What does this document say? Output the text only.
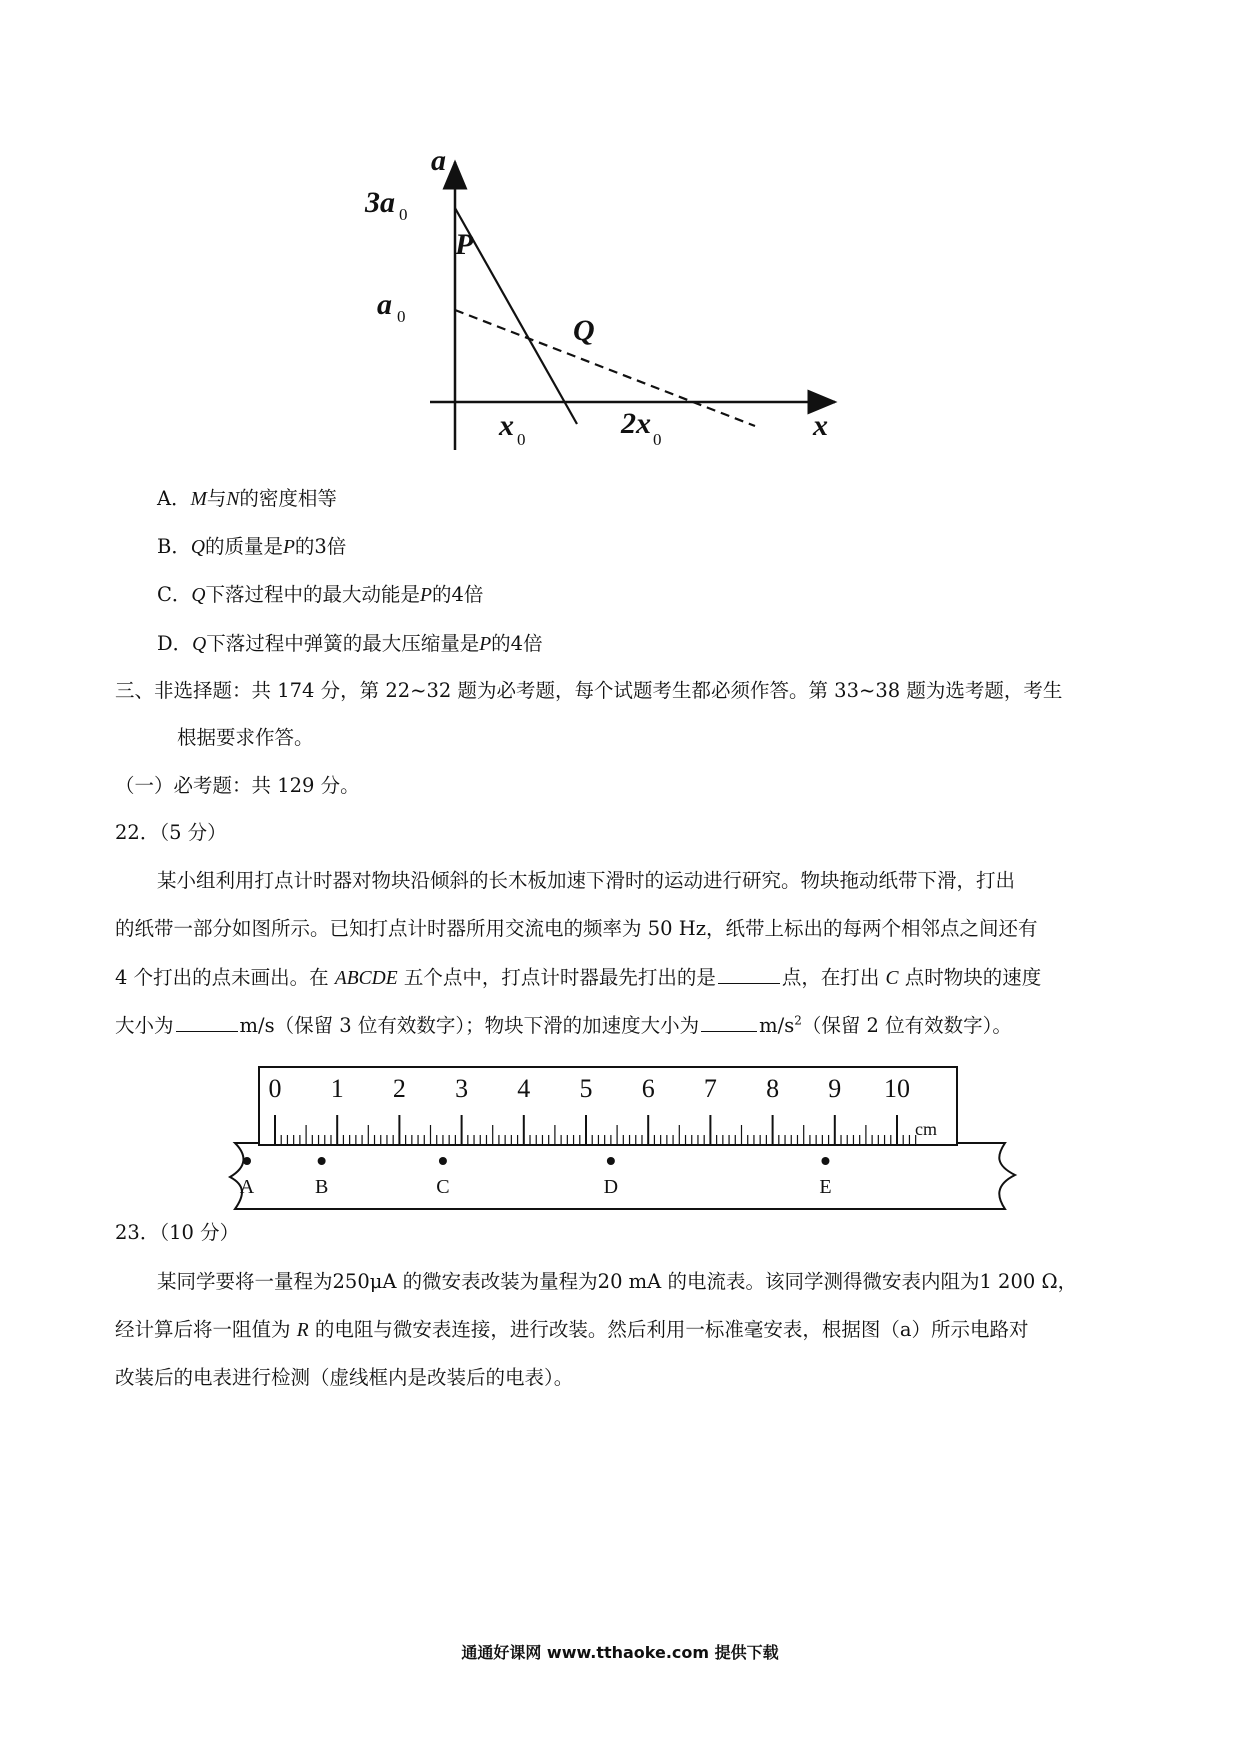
a
x
3a 0
a 0
x 0	2x 0
P
Q
A．M与N的密度相等
B．Q的质量是P的3倍
C．Q下落过程中的最大动能是P的4倍
D．Q下落过程中弹簧的最大压缩量是P的4倍
三、非选择题：共 174 分，第 22~32 题为必考题，每个试题考生都必须作答。第 33~38 题为选考题，考生
根据要求作答。
（一）必考题：共 129 分。
22．（5 分）
某小组利用打点计时器对物块沿倾斜的长木板加速下滑时的运动进行研究。物块拖动纸带下滑，打出
的纸带一部分如图所示。已知打点计时器所用交流电的频率为 50 Hz，纸带上标出的每两个相邻点之间还有
4 个打出的点未画出。在 ABCDE 五个点中，打点计时器最先打出的是	点，在打出 C 点时物块的速度
大小为	m/s（保留 3 位有效数字）；物块下滑的加速度大小为	$m/s^2$（保留 2 位有效数字）。
0 1 2 3 4 5 6 7 8 9 10
cm
A	B	C	D	E
23．（10 分）
某同学要将一量程为250μA 的微安表改装为量程为20 mA 的电流表。该同学测得微安表内阻为1 200 Ω，
经计算后将一阻值为 R 的电阻与微安表连接，进行改装。然后利用一标准毫安表，根据图（a）所示电路对
改装后的电表进行检测（虚线框内是改装后的电表）。
通通好课网 www.tthaoke.com 提供下载
